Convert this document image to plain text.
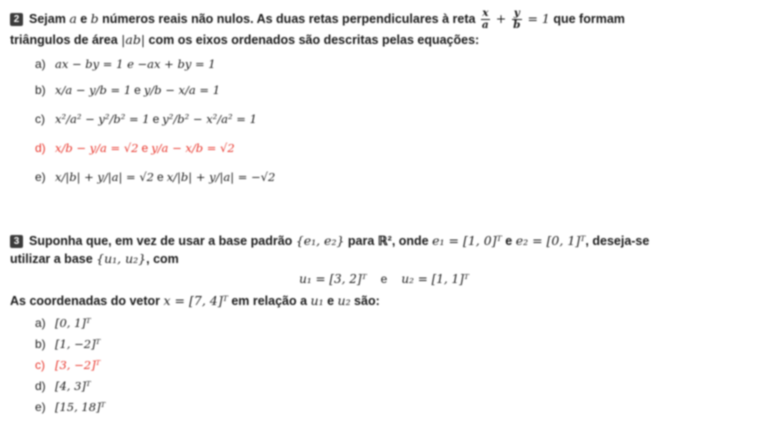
2 Sejam a e b números reais não nulos. As duas retas perpendiculares à reta $\frac{x}{a} + \frac{y}{b} = 1$ que formam
triângulos de área |ab| com os eixos ordenados são descritas pelas equações:
a) ax − by = 1 e −ax + by = 1
b) x/a − y/b = 1 e y/b − x/a = 1
c) x²/a² − y²/b² = 1 e y²/b² − x²/a² = 1
d) x/b − y/a = √2 e y/a − x/b = √2
e) x/|b| + y/|a| = √2 e x/|b| + y/|a| = −√2
3 Suponha que, em vez de usar a base padrão {e₁, e₂} para ℝ², onde e₁ = [1, 0]ᵀ e e₂ = [0, 1]ᵀ, deseja-se
utilizar a base {u₁, u₂}, com
u₁ = [3, 2]ᵀ e u₂ = [1, 1]ᵀ
As coordenadas do vetor x = [7, 4]ᵀ em relação a u₁ e u₂ são:
a) [0, 1]ᵀ
b) [1, −2]ᵀ
c) [3, −2]ᵀ
d) [4, 3]ᵀ
e) [15, 18]ᵀ
